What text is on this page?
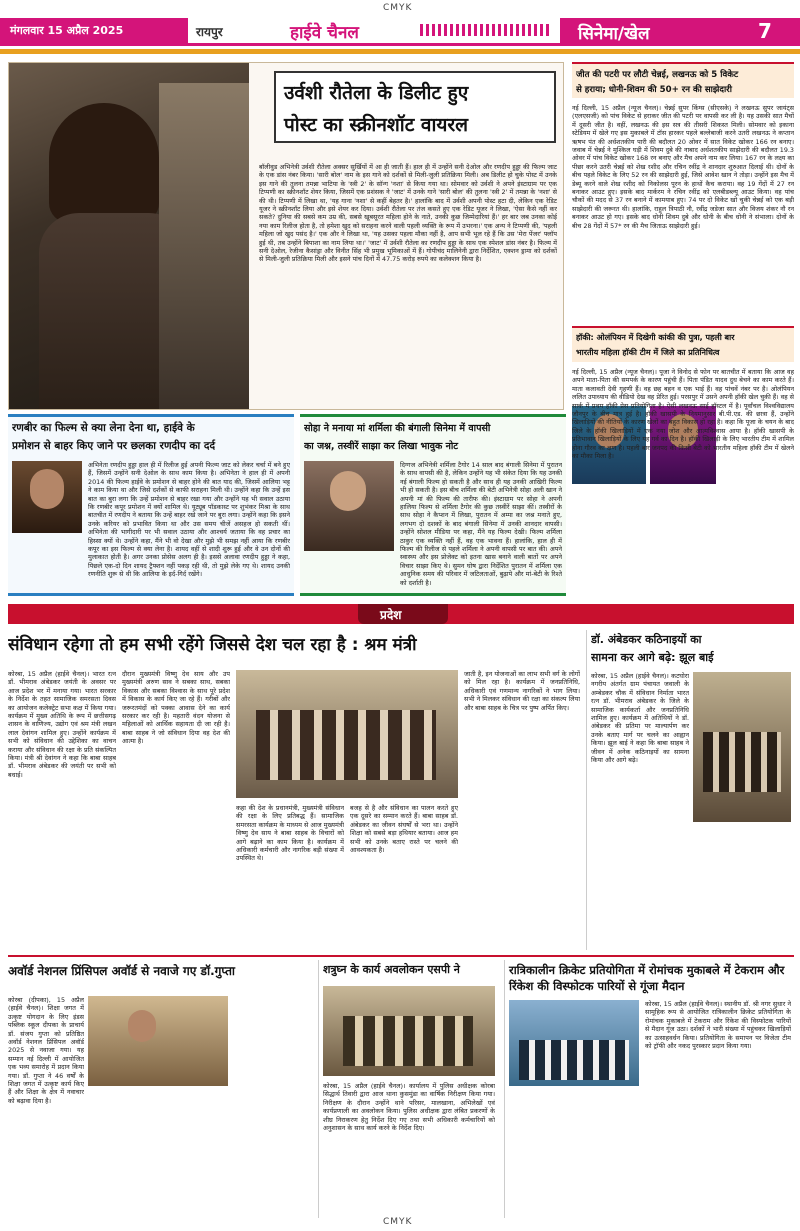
CMYK
CMYK
मंगलवार 15 अप्रैल 2025	रायपुर	हाईवे चैनल	सिनेमा/खेल	7
उर्वशी रौतेला के डिलीट हुए
पोस्ट का स्क्रीनशॉट वायरल
बॉलीवुड अभिनेत्री उर्वशी रौतेला अक्सर सुर्खियों में आ ही जाती हैं। हाल ही में उन्होंने सनी देओल और रणदीप हुड्डा की फिल्म जाट के एक डांस नंबर किया। 'सारी बोल' नाम के इस गाने को दर्शकों से मिली-जुली प्रतिक्रिया मिली। अब डिलीट हो चुके पोस्ट में उनके इस गाने की तुलना तमन्ना भाटिया के 'स्त्री 2' के सॉन्ग 'नशा' से किया गया था। सोमवार को उर्वशी ने अपने इंस्टाग्राम पर एक टिप्पणी का स्क्रीनशॉट शेयर किया, जिसमें एक प्रशंसक ने 'जाट' में उनके गाने 'सारी बोल' की तुलना 'स्त्री 2' में तमन्ना के 'नशा' से की थी। टिप्पणी में लिखा था, 'यह गाना 'नशा' से कहीं बेहतर है।' हालांकि बाद में उर्वशी अपनी पोस्ट हटा दी, लेकिन एक रेडिट यूजर ने स्क्रीनशॉट लिया और इसे शेयर कर दिया। उर्वशी रौतेला पर तंज कसते हुए एक रेडिट यूजर ने लिखा, 'ऐसा कैसे नहीं कर सकते? दुनिया की सबसे कम उम्र की, सबसे खूबसूरत महिला होने के नाते, उनकी कुछ जिम्मेदारियां हैं।' हर बार जब उनका कोई नया काम रिलीज होता है, तो हमेशा खुद को सराहना करने वाली पहली व्यक्ति के रूप में उभरना।' एक अन्य ने टिप्पणी की, 'पहली महिला जो खुद पसंद है।' एक और ने लिखा था, 'यह उसका पहला मौका नहीं है, आप सभी भूल रहे हैं कि उस 'मेरा पेंजर' फ्लॉप हुई थी, तब उन्होंने बिपाशा का नाम लिया था।' 'जाट' में उर्वशी रौतेला का रणदीप हुड्डा के साथ एक स्पेशल डांस नंबर है। फिल्म में सनी देओल, रेजीना कैसांड्रा और विनीत सिंह भी प्रमुख भूमिकाओं में हैं। गोपीचंद मालिनेनी द्वारा निर्देशित, एक्शन ड्रामा को दर्शकों से मिली-जुली प्रतिक्रिया मिली और इसने पांच दिनों में 47.75 करोड़ रुपये का कलेक्शन किया है।
जीत की पटरी पर लौटी चेन्नई, लखनऊ को 5 विकेट
से हराया; धोनी-शिवम की 50+ रन की साझेदारी
नई दिल्ली, 15 अप्रैल (न्यूज चैनल)। चेन्नई सुपर किंग्स (सीएसके) ने लखनऊ सुपर जायंट्स (एलएसजी) को पांच विकेट से हराकर जीत की पटरी पर वापसी कर ली है। यह उसकी सात मैचों में दूसरी जीत है। वहीं, लखनऊ की इस सत्र की तीसरी शिकस्त मिली। सोमवार को इकाना स्टेडियम में खेले गए इस मुकाबले में टॉस हारकर पहले बल्लेबाजी करने उतरी लखनऊ ने कप्तान ऋषभ पंत की अर्धशतकीय पारी की बदौलत 20 ओवर में सात विकेट खोकर 166 रन बनाए। जवाब में चेन्नई ने मुश्किल घड़ी में शिवम दुबे की नाबाद अर्धशतकीय साझेदारी की बदौलत 19.3 ओवर में पांच विकेट खोकर 168 रन बनाए और मैच अपने नाम कर लिया। 167 रन के लक्ष्य का पीछा करने उतरी चेन्नई को शेख रशीद और रचिन रवींद्र ने शानदार शुरुआत दिलाई थी। दोनों के बीच पहले विकेट के लिए 52 रन की साझेदारी हुई, जिसे आवेश खान ने तोड़ा। उन्होंने इस मैच में डेब्यू करने वाले शेख रशीद को निकोलस पूरन के हाथों कैच कराया। वह 19 गेंदों में 27 रन बनाकर आउट हुए। इसके बाद मार्करम ने रचिन रवींद्र को एलबीडब्ल्यू आउट किया। वह पांच चौकों की मदद से 37 रन बनाने में कामयाब हुए। 74 पर दो विकेट खो चुकी चेन्नई को एक बड़ी साझेदारी की जरूरत थी। हालांकि, राहुल त्रिपाठी नौ, रवींद्र जडेजा सात और विजय शंकर नौ रन बनाकर आउट हो गए। इसके बाद धोनी शिवम दुबे और धोनी के बीच धोनी ने संभाला। दोनों के बीच 28 गेंदों में 57* रन की मैच जिताऊ साझेदारी हुई।
हॉकी: ओलंपियन में दिखेगी कांकी की पुत्रा, पहली बार
भारतीय महिला हॉकी टीम में जिले का प्रतिनिधित्व
नई दिल्ली, 15 अप्रैल (न्यूज चैनल)। पूजा ने विनोद से फोन पर बातचीत में बताया कि आज वह अपने माता-पिता की समपर्क के कारण पहुंची हैं। पिता पंडित यादव दुध बेचने का काम करते हैं। माता कलावती देवी गृहणी हैं। वह छह बहन व एक भाई हैं। वह पांचवें नंबर पर है। ओलंपियन ललित उपाध्याय की वीडियो देख वह प्रेरित हुई। परसपुर में उसने अपनी हॉकी खेल चुकी हैं। वह से सार्क में प्रथम हॉकी प्रेस प्रतियोगिता है। ऐसी लखनऊ साई हॉस्टल में है। पूर्वांचल विश्वविद्यालय जौनपुर के बीच मात्र हुई है। हॉकी खासपी के नियमानुसार बी.पी.एड. की छात्रा हैं, उन्होंने खिलाड़ियों की नीतियों के कारण खेलों का बहुत विकास हो रहा है। कहा कि पूजा के चयन के बाद जिले के हॉकी खिलाड़ियों में एक नया जोश और आत्मविश्वास आया है। हॉकी खासपी के प्रतिभावान खिलाड़ियों के लिए यह गर्व का दिन है। हॉकी खिलाड़ी के लिए भारतीय टीम में शामिल होना गौरव का क्षण है। पहली बार जनपद की किसी बेटी को भारतीय महिला हॉकी टीम में खेलने का मौका मिला है।
रणबीर का फिल्म से क्या लेना देना था, हाईवे के
प्रमोशन से बाहर किए जाने पर छलका रणदीप का दर्द
अभिनेता रणदीप हुड्डा हाल ही में रिलीज हुई अपनी फिल्म जाट को लेकर चर्चा में बने हुए हैं, जिसमें उन्होंने सनी देओल के साथ काम किया है। अभिनेता ने हाल ही में अपनी 2014 की फिल्म हाईवे के प्रमोशन से बाहर होने की बात याद की, जिसमें आलिया भट्ट ने काम किया था और जिसे दर्शकों से काफी सराहना मिली थी। उन्होंने कहा कि उन्हें इस बात का बुरा लगा कि उन्हें प्रमोशन से बाहर रखा गया और उन्होंने यह भी सवाल उठाया कि रणबीर कपूर प्रमोशन में क्यों शामिल थे। यूट्यूब पॉडकास्ट पर शुभंकर मिश्रा के साथ बातचीत में रणदीप ने बताया कि उन्हें बाहर रखे जाने पर बुरा लगा। उन्होंने कहा कि इसने उनके करियर को प्रभावित किया था और उस समय चीजें असहज हो सकती थीं। अभिनेता की भागीदारी पर भी सवाल उठाया और आश्चर्य जताया कि वह प्रचार का हिस्सा क्यों थे। उन्होंने कहा, मैंने भी वो देखा और मुझे भी समझ नहीं आया कि रणबीर कपूर का इस फिल्म से क्या लेना है। शायद वहीं से शादी शुरू हुई और वे उन दोनों की मुलाकात होती है। अगर उनका प्रोसेस अलग ही है। इससे अलावा रणदीप हुड्डा ने कहा, पिछले एक-दो दिन शायद ट्रैफ्शन नहीं पकड़ रही थी, तो मुझे लेके गए थे। शायद उनकी रणनीति शुरू से थी कि आलिया के इर्द-गिर्द रखेंगे।
सोहा ने मनाया मां शर्मिला की बंगाली सिनेमा में वापसी
का जश्न, तस्वीरें साझा कर लिखा भावुक नोट
दिग्गज अभिनेत्री शर्मिला टैगोर 14 साल बाद बंगाली सिनेमा में पुरातन के साथ वापसी की है, लेकिन उन्होंने यह भी संकेत दिया कि यह उनकी नई बंगाली फिल्म हो सकती है और साथ ही यह उनकी आखिरी फिल्म भी हो सकती है। इस बीच शर्मिला की बेटी अभिनेत्री सोहा अली खान ने अपनी मां की फिल्म की तारीफ की। इंस्टाग्राम पर सोहा ने अपनी हालिया फिल्म से शर्मिला टैगोर की कुछ तस्वीरें साझा कीं। तस्वीरों के साथ सोहा ने कैप्शन में लिखा, पुरातन में अम्मा का जश्न मनाते हुए, लगभग दो दशकों के बाद बंगाली सिनेमा में उनकी शानदार वापसी। उन्होंने सोशल मीडिया पर कहा, मैंने यह फिल्म देखी। फिल्म शर्मिला ठाकुर एक व्यक्ति नहीं हैं, वह एक भावना हैं। हालांकि, हाल ही में फिल्म की रिलीज से पहले शर्मिला ने अपनी वापसी पर बात की। अपने स्वास्थ्य और इस प्रोजेक्ट को इतना खास बनाने वाली बातों पर अपने विचार साझा किए थे। सुमन घोष द्वारा निर्देशित पुरातन में शर्मिला एक आधुनिक समय की परिवार में जटिलताओं, बुढ़ापे और मां-बेटी के रिश्ते को दर्शाती है।
प्रदेश
संविधान रहेगा तो हम सभी रहेंगे जिससे देश चल रहा है : श्रम मंत्री
कोरबा, 15 अप्रैल (हाईवे चैनल)। भारत रत्न डॉ. भीमराव अंबेडकर जयंती के अवसर पर आज प्रदेश भर में मनाया गया। भारत सरकार के निर्देश के तहत सामाजिक समरसता दिवस का आयोजन कलेक्ट्रेट सभा कक्ष में किया गया। कार्यक्रम में मुख्य अतिथि के रूप में छत्तीसगढ़ शासन के वाणिज्य, उद्योग एवं श्रम मंत्री लखन लाल देवांगन शामिल हुए। उन्होंने कार्यक्रम में सभी को संविधान की उद्देशिका का वाचन कराया और संविधान की रक्षा के प्रति संकल्पित किया। मंत्री श्री देवांगन ने कहा कि बाबा साहब डॉ. भीमराव अंबेडकर की जयंती पर सभी को बधाई।
दौरान मुख्यमंत्री विष्णु देव साय और उप मुख्यमंत्री अरुण साव ने सबका साथ, सबका विकास और सबका विश्वास के साथ पूरे प्रदेश में विकास के कार्य किए जा रहे हैं। गरीबों और जरूरतमंदों को पक्का आवास देने का कार्य सरकार कर रही है। महतारी वंदन योजना से महिलाओं को आर्थिक सहायता दी जा रही है। बाबा साहब ने जो संविधान दिया वह देश की आत्मा है।
कहा की देश के प्रधानमंत्री, मुख्यमंत्री संविधान की रक्षा के लिए प्रतिबद्ध हैं। सामाजिक समरसता कार्यक्रम के माध्यम से आज मुख्यमंत्री विष्णु देव साय ने बाबा साहब के विचारों को आगे बढ़ाने का काम किया है। कार्यक्रम में अधिकारी कर्मचारी और नागरिक बड़ी संख्या में उपस्थित थे।
बजह से है और संविधान का पालन करते हुए एक दूसरे का सम्मान करते हैं। बाबा साहब डॉ. अंबेडकर का जीवन संघर्षों से भरा था। उन्होंने शिक्षा को सबसे बड़ा हथियार बताया। आज हम सभी को उनके बताए रास्ते पर चलने की आवश्यकता है।
जाती है, इन योजनाओं का लाभ सभी वर्ग के लोगों को मिल रहा है। कार्यक्रम में जनप्रतिनिधि, अधिकारी एवं गणमान्य नागरिकों ने भाग लिया। सभी ने मिलकर संविधान की रक्षा का संकल्प लिया और बाबा साहब के चित्र पर पुष्प अर्पित किए।
डॉ. अंबेडकर कठिनाइयों का
सामना कर आगे बढ़े: झूल बाई
कोरबा, 15 अप्रैल (हाईवे चैनल)। कटघोरा नगरीय अंतर्गत ग्राम पंचायत जवाली के अम्बेडकर चौक में संविधान निर्माता भारत रत्न डॉ. भीमराव अंबेडकर के जिले के सामाजिक कार्यकर्ता और जनप्रतिनिधि शामिल हुए। कार्यक्रम में अतिथियों ने डॉ. अंबेडकर की प्रतिमा पर माल्यार्पण कर उनके बताए मार्ग पर चलने का आह्वान किया। झूल बाई ने कहा कि बाबा साहब ने जीवन में अनेक कठिनाइयों का सामना किया और आगे बढ़े।
अवॉर्ड नेशनल प्रिंसिपल अवॉर्ड से नवाजे गए डॉ.गुप्ता
कोरबा (दीपका), 15 अप्रैल (हाईवे चैनल)। शिक्षा जगत में उत्कृष्ट योगदान के लिए इंडस पब्लिक स्कूल दीपका के प्राचार्य डॉ. संजय गुप्ता को प्रतिष्ठित अवॉर्ड नेशनल प्रिंसिपल अवॉर्ड 2025 से नवाजा गया। यह सम्मान नई दिल्ली में आयोजित एक भव्य समारोह में प्रदान किया गया। डॉ. गुप्ता ने 46 वर्षों के शिक्षा जगत में उत्कृष्ट कार्य किए हैं और शिक्षा के क्षेत्र में नवाचार को बढ़ावा दिया है।
शत्रुघ्न के कार्य अवलोकन एसपी ने
कोरबा, 15 अप्रैल (हाईवे चैनल)। कार्यालय में पुलिस अधीक्षक कोरबा सिद्धार्थ तिवारी द्वारा आज थाना कुसमुंडा का वार्षिक निरीक्षण किया गया। निरीक्षण के दौरान उन्होंने थाने परिसर, मालखाना, अभिलेखों एवं कार्यप्रणाली का अवलोकन किया। पुलिस अधीक्षक द्वारा लंबित प्रकरणों के शीघ्र निराकरण हेतु निर्देश दिए गए तथा सभी अधिकारी कर्मचारियों को अनुशासन के साथ कार्य करने के निर्देश दिए।
रात्रिकालीन क्रिकेट प्रतियोगिता में रोमांचक मुकाबले में टेकराम और रिंकेश की विस्फोटक पारियों से गूंजा मैदान
कोरबा, 15 अप्रैल (हाईवे चैनल)। स्थानीय डॉ. श्री नगर सुधार ने सामूहिक रूप से आयोजित रात्रिकालीन क्रिकेट प्रतियोगिता के रोमांचक मुकाबले में टेकराम और रिंकेश की विस्फोटक पारियों से मैदान गूंज उठा। दर्शकों ने भारी संख्या में पहुंचकर खिलाड़ियों का उत्साहवर्धन किया। प्रतियोगिता के समापन पर विजेता टीम को ट्रॉफी और नकद पुरस्कार प्रदान किया गया।
